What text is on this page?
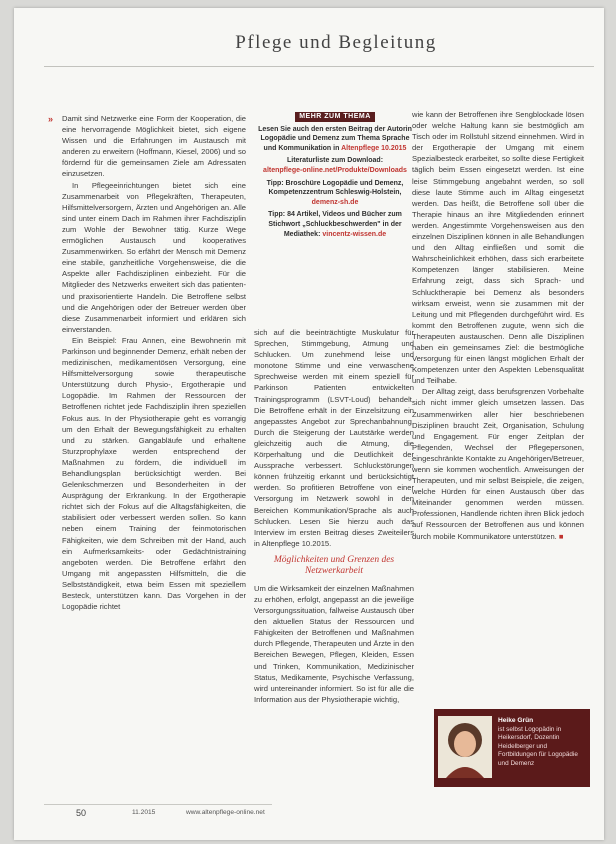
Pflege und Begleitung
» Damit sind Netzwerke eine Form der Kooperation, die eine hervorragende Möglichkeit bietet, sich eigene Wissen und die Erfahrungen im Austausch mit anderen zu erweitern (Hoffmann, Kiesel, 2006) und so fördernd für die gemeinsamen Ziele am Adressaten einzusetzen.

In Pflegeeinrichtungen bietet sich eine Zusammenarbeit von Pflegekräften, Therapeuten, Hilfsmittelversorgern, Ärzten und Angehörigen an. Alle sind unter einem Dach im Rahmen ihrer Fachdisziplin zum Wohle der Bewohner tätig. Kurze Wege ermöglichen Austausch und kooperatives Zusammenwirken. So erfährt der Mensch mit Demenz eine stabile, ganzheitliche Vorgehensweise, die die Aspekte aller Fachdisziplinen einbezieht. Für die Mitglieder des Netzwerks erweitert sich das patienten- und praxisorientierte Handeln. Die Betroffene selbst und die Angehörigen oder der Betreuer werden über diese Zusammenarbeit informiert und erklären sich einverstanden.

Ein Beispiel: Frau Annen, eine Bewohnerin mit Parkinson und beginnender Demenz, erhält neben der medizinischen, medikamentösen Versorgung, eine Hilfsmittelversorgung sowie therapeutische Unterstützung durch Physio-, Ergotherapie und Logopädie. Im Rahmen der Ressourcen der Betroffenen richtet jede Fachdisziplin ihren speziellen Fokus aus. In der Physiotherapie geht es vorrangig um den Erhalt der Bewegungsfähigkeit zu erhalten und zu stärken. Gangabläufe und erhaltene Sturzprophylaxe werden entsprechend der Maßnahmen zu fördern, die individuell im Behandlungsplan berücksichtigt werden. Bei Gelenkschmerzen und Besonderheiten in der Ausprägung der Erkrankung. In der Ergotherapie richtet sich der Fokus auf die Alltagsfähigkeiten, die stabilisiert oder verbessert werden sollen. So kann neben einem Training der feinmotorischen Fähigkeiten, wie dem Schreiben mit der Hand, auch ein Aufmerksamkeits- oder Gedächtnistraining angeboten werden. Die Betroffene erfährt den Umgang mit angepassten Hilfsmitteln, die die Selbstständigkeit, etwa beim Essen mit speziellem Besteck, unterstützen kann. Das Vorgehen in der Logopädie richtet

MEHR ZUM THEMA

Lesen Sie auch den ersten Beitrag der Autorin Logopädie und Demenz zum Thema Sprache und Kommunikation in Altenpflege 10.2015

Literaturliste zum Download:
altenpflege-online.net/Produkte/Downloads

Tipp: Broschüre Logopädie und Demenz, Kompetenzzentrum Schleswig-Holstein, demenz-sh.de

Tipp: 84 Artikel, Videos und Bücher zum Stichwort „Schluckbeschwerden" in der Mediathek: vincentz-wissen.de

sich auf die beeinträchtigte Muskulatur für Sprechen, Stimmgebung, Atmung und Schlucken. Um zunehmend leise und monotone Stimme und eine verwaschene Sprechweise werden mit einem speziell für Parkinson Patienten entwickelten Trainingsprogramm (LSVT-Loud) behandelt. Die Betroffene erhält in der Einzelsitzung ein angepasstes Angebot zur Sprechanbahnung. Durch die Steigerung der Lautstärke werden gleichzeitig auch die Atmung, die Körperhaltung und die Deutlichkeit der Aussprache verbessert. Schluckstörungen können frühzeitig erkannt und berücksichtigt werden. So profitieren Betroffene von einer Versorgung im Netzwerk sowohl in den Bereichen Kommunikation/Sprache als auch Schlucken. Lesen Sie hierzu auch das Interview im ersten Beitrag dieses Zweiteilers in Altenpflege 10.2015.

Möglichkeiten und Grenzen des Netzwerkarbeit

Um die Wirksamkeit der einzelnen Maßnahmen zu erhöhen, erfolgt, angepasst an die jeweilige Versorgungssituation, fallweise Austausch über den aktuellen Status der Ressourcen und Fähigkeiten der Betroffenen und Maßnahmen durch Pflegende, Therapeuten und Ärzte in den Bereichen Bewegen, Pflegen, Kleiden, Essen und Trinken, Kommunikation, Medizinischer Status, Medikamente, Psychische Verfassung, wird untereinander informiert. So ist für alle die Information aus der Physiotherapie wichtig,

wie kann der Betroffenen ihre Sengblockade lösen oder welche Haltung kann sie bestmöglich am Tisch oder im Rollstuhl sitzend einnehmen. Wird in der Ergotherapie der Umgang mit einem Spezialbesteck erarbeitet, so sollte diese Fertigkeit täglich beim Essen eingesetzt werden. Ist eine leise Stimmgebung angebahnt werden, so soll diese laute Stimme auch im Alltag eingesetzt werden. Das heißt, die Betroffene soll über die Therapie hinaus an ihre Mitgliedenden erinnert werden. Angestimmte Vorgehensweisen aus den einzelnen Disziplinen können in alle Behandlungen und den Alltag einfließen und somit die Wahrscheinlichkeit erhöhen, dass sich erarbeitete Kompetenzen länger stabilisieren. Meine Erfahrung zeigt, dass sich Sprach- und Schlucktherapie bei Demenz als besonders wirksam erweist, wenn sie zusammen mit der Leitung und mit Pflegenden durchgeführt wird. Es kommt den Betroffenen zugute, wenn sich die Therapeuten austauschen. Denn alle Disziplinen haben ein gemeinsames Ziel: die bestmögliche Versorgung für einen längst möglichen Erhalt der Kompetenzen unter den Aspekten Lebensqualität und Teilhabe.

Der Alltag zeigt, dass berufsgrenzen Vorbehalte sich nicht immer gleich umsetzen lassen. Das Zusammenwirken aller hier beschriebenen Disziplinen braucht Zeit, Organisation, Schulung und Engagement. Für enger Zeitplan der Pflegenden, Wechsel der Pflegepersonen, eingeschränkte Kontakte zu Angehörigen/Betreuer, wenn sie kommen wochentlich. Anweisungen der Therapeuten, und mir selbst Beispiele, die zeigen, welche Hürden für einen Austausch über das Miteinander genommen werden müssen. Professionen, Handlende richten ihren Blick jedoch auf Ressourcen der Betroffenen aus und können durch mobile Kommunikatore unterstützen. ■

Heike Grün
ist selbst Logopädin in Heikersdorf, Dozentin Heidelberger und Fortbildungen für Logopädie und Demenz
50	11.2015	www.altenpflege-online.net
